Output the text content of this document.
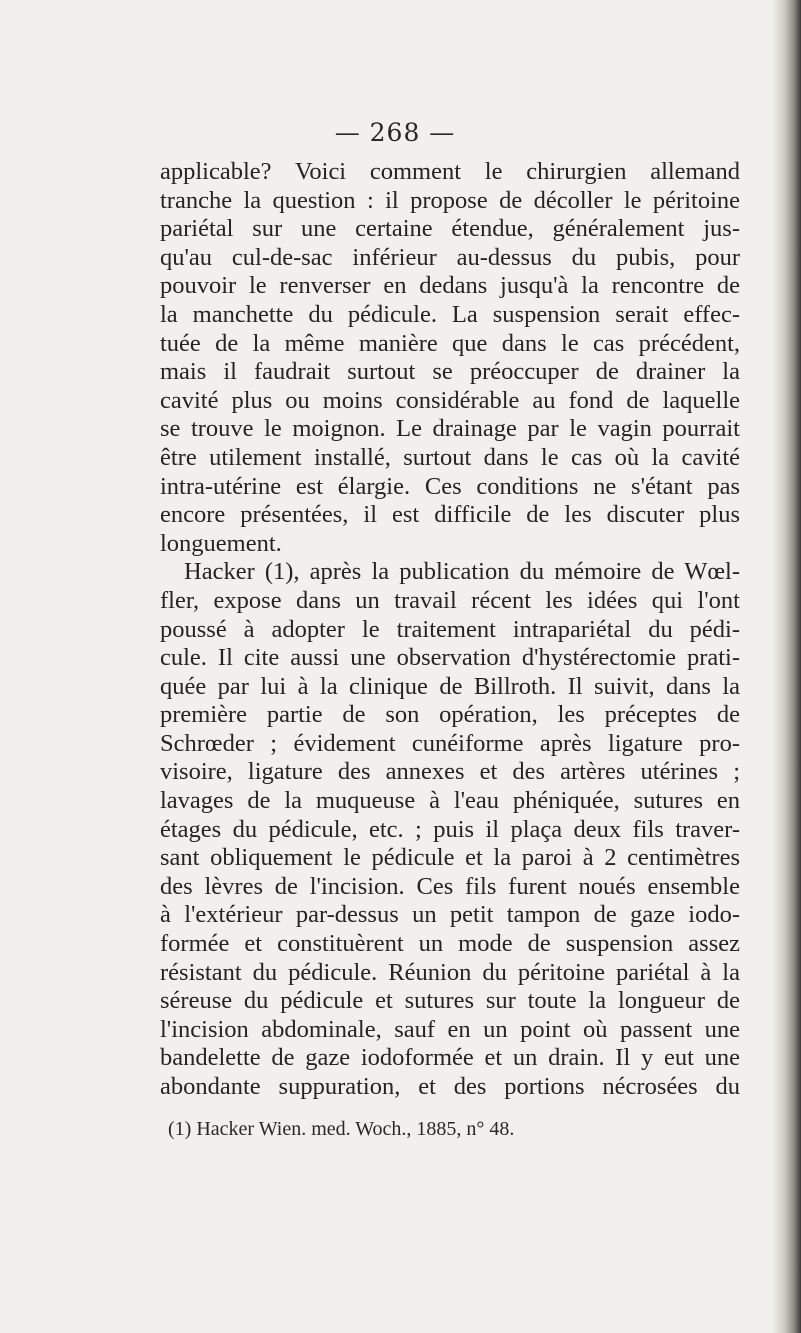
— 268 —
applicable? Voici comment le chirurgien allemand
tranche la question : il propose de décoller le péritoine
pariétal sur une certaine étendue, généralement jus-
qu'au cul-de-sac inférieur au-dessus du pubis, pour
pouvoir le renverser en dedans jusqu'à la rencontre de
la manchette du pédicule. La suspension serait effec-
tuée de la même manière que dans le cas précédent,
mais il faudrait surtout se préoccuper de drainer la
cavité plus ou moins considérable au fond de laquelle
se trouve le moignon. Le drainage par le vagin pourrait
être utilement installé, surtout dans le cas où la cavité
intra-utérine est élargie. Ces conditions ne s'étant pas
encore présentées, il est difficile de les discuter plus
longuement.
Hacker (1), après la publication du mémoire de Wœl-
fler, expose dans un travail récent les idées qui l'ont
poussé à adopter le traitement intrapariétal du pédi-
cule. Il cite aussi une observation d'hystérectomie prati-
quée par lui à la clinique de Billroth. Il suivit, dans la
première partie de son opération, les préceptes de
Schrœder ; évidement cunéiforme après ligature pro-
visoire, ligature des annexes et des artères utérines ;
lavages de la muqueuse à l'eau phéniquée, sutures en
étages du pédicule, etc. ; puis il plaça deux fils traver-
sant obliquement le pédicule et la paroi à 2 centimètres
des lèvres de l'incision. Ces fils furent noués ensemble
à l'extérieur par-dessus un petit tampon de gaze iodo-
formée et constituèrent un mode de suspension assez
résistant du pédicule. Réunion du péritoine pariétal à la
séreuse du pédicule et sutures sur toute la longueur de
l'incision abdominale, sauf en un point où passent une
bandelette de gaze iodoformée et un drain. Il y eut une
abondante suppuration, et des portions nécrosées du
(1) Hacker Wien. med. Woch., 1885, n° 48.
